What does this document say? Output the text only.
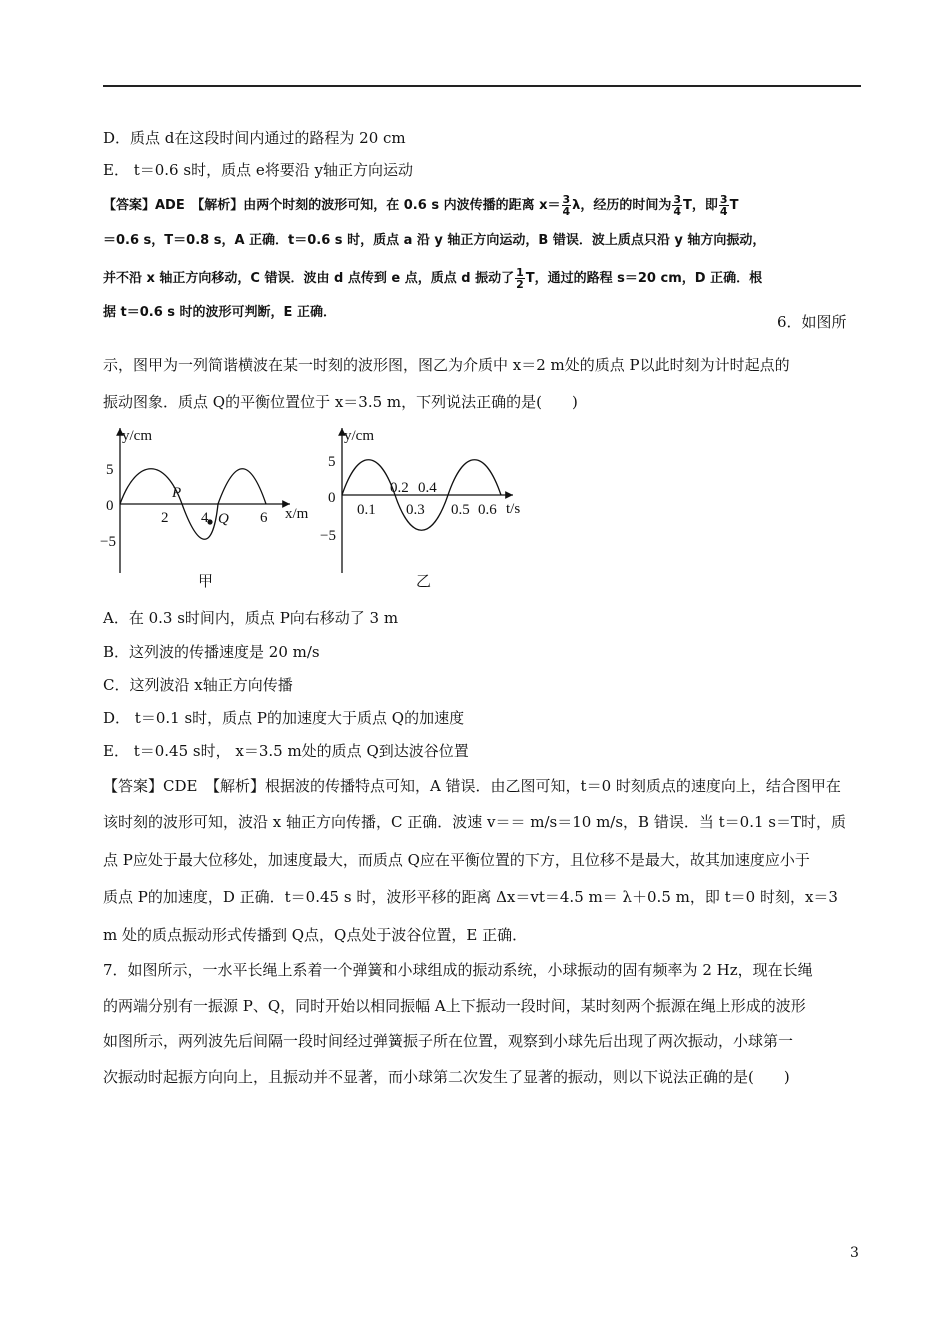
D．质点 d在这段时间内通过的路程为 20 cm
E． t＝0.6 s时，质点 e将要沿 y轴正方向运动
【答案】ADE　【解析】由两个时刻的波形可知，在 0.6 s 内波传播的距离 $x= \frac{3}{4}$ λ，经历的时间为 $\frac{3}{4}$ T，即 $\frac{3}{4}$ T
＝0.6 s，T＝0.8 s，A 正确．t＝0.6 s 时，质点 a 沿 y 轴正方向运动，B 错误．波上质点只沿 y 轴方向振动，
并不沿 x 轴正方向移动，C 错误．波由 d 点传到 e 点，质点 d 振动了 $\frac{1}{2}$ T，通过的路程 s＝20 cm，D 正确．根
据 t＝0.6 s 时的波形可判断，E 正确．
6．如图所
示，图甲为一列简谐横波在某一时刻的波形图，图乙为介质中 x＝2 m处的质点 P以此时刻为计时起点的
振动图象．质点 Q的平衡位置位于 x＝3.5 m，下列说法正确的是(　　)
y/cm
x/m
5
0
−5
2 4	6
P
Q
甲
y/cm
t/s
5
0
−5
0.1 0.3 0.5 0.6
0.2 0.4
乙
A．在 0.3 s时间内，质点 P向右移动了 3 m
B．这列波的传播速度是 20 m/s
C．这列波沿 x轴正方向传播
D． t＝0.1 s时，质点 P的加速度大于质点 Q的加速度
E． t＝0.45 s时， x＝3.5 m处的质点 Q到达波谷位置
【答案】CDE　【解析】根据波的传播特点可知，A 错误．由乙图可知，t＝0 时刻质点的速度向上，结合图甲在
该时刻的波形可知，波沿 x 轴正方向传播，C 正确．波速 v＝＝ m/s＝10 m/s，B 错误．当 t＝0.1 s＝T时，质
点 P应处于最大位移处，加速度最大，而质点 Q应在平衡位置的下方，且位移不是最大，故其加速度应小于
质点 P的加速度，D 正确．t＝0.45 s 时，波形平移的距离 Δx＝vt＝4.5 m＝ λ＋0.5 m，即 t＝0 时刻，x＝3
m 处的质点振动形式传播到 Q点，Q点处于波谷位置，E 正确．
7．如图所示，一水平长绳上系着一个弹簧和小球组成的振动系统，小球振动的固有频率为 2 Hz，现在长绳
的两端分别有一振源 P、Q，同时开始以相同振幅 A上下振动一段时间，某时刻两个振源在绳上形成的波形
如图所示，两列波先后间隔一段时间经过弹簧振子所在位置，观察到小球先后出现了两次振动，小球第一
次振动时起振方向向上，且振动并不显著，而小球第二次发生了显著的振动，则以下说法正确的是(　　)
3
